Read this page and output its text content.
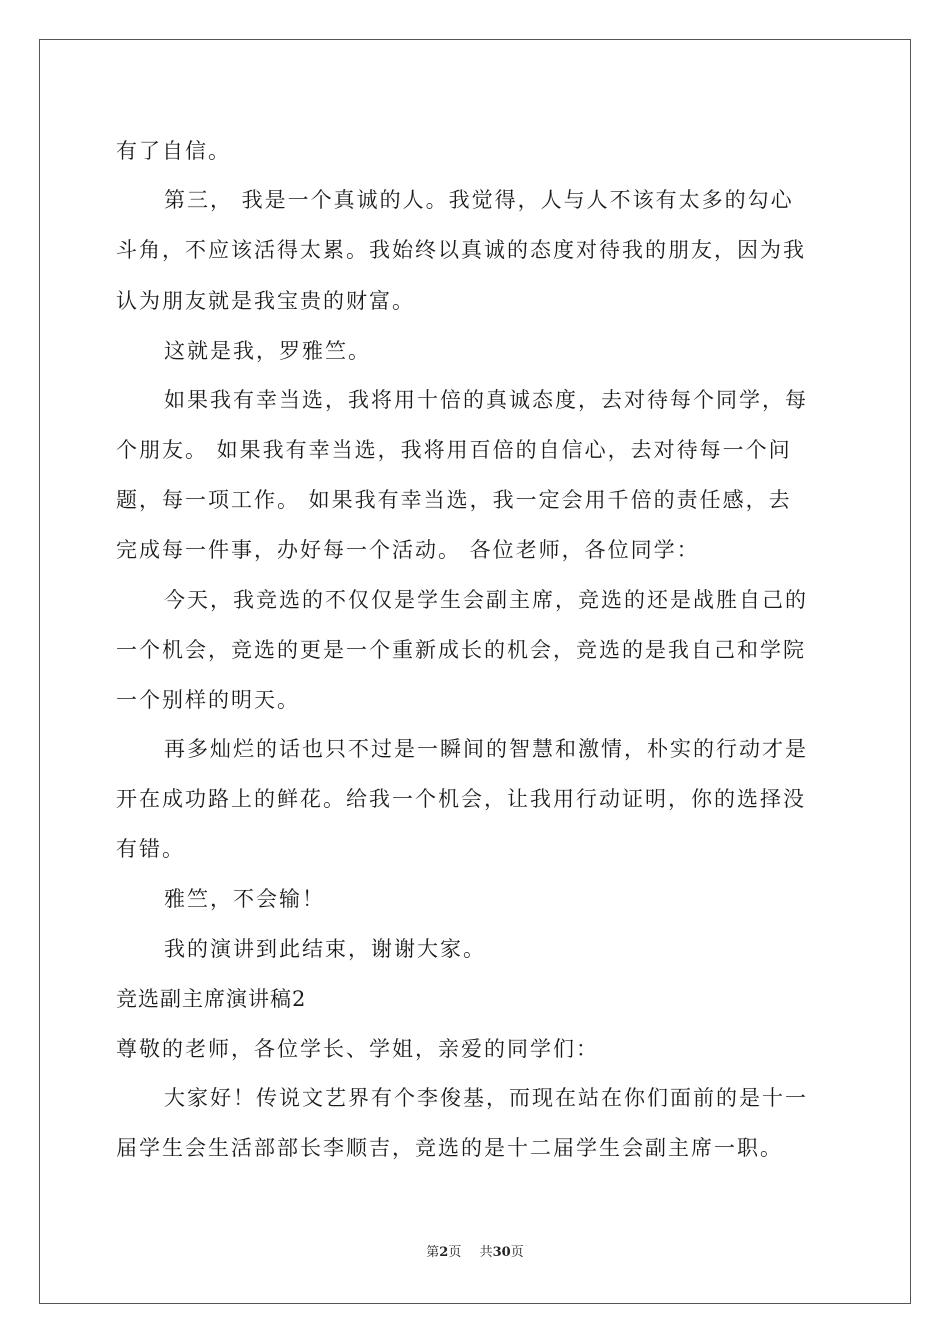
有了自信。
第三， 我是一个真诚的人。我觉得，人与人不该有太多的勾心
斗角，不应该活得太累。我始终以真诚的态度对待我的朋友，因为我
认为朋友就是我宝贵的财富。
这就是我，罗雅竺。
如果我有幸当选，我将用十倍的真诚态度，去对待每个同学，每
个朋友。 如果我有幸当选，我将用百倍的自信心，去对待每一个问
题，每一项工作。 如果我有幸当选，我一定会用千倍的责任感，去
完成每一件事，办好每一个活动。 各位老师，各位同学：
今天，我竞选的不仅仅是学生会副主席，竞选的还是战胜自己的
一个机会，竞选的更是一个重新成长的机会，竞选的是我自己和学院
一个别样的明天。
再多灿烂的话也只不过是一瞬间的智慧和激情，朴实的行动才是
开在成功路上的鲜花。给我一个机会，让我用行动证明，你的选择没
有错。
雅竺，不会输！
我的演讲到此结束，谢谢大家。
竞选副主席演讲稿2
尊敬的老师，各位学长、学姐，亲爱的同学们：
大家好！传说文艺界有个李俊基，而现在站在你们面前的是十一
届学生会生活部部长李顺吉，竞选的是十二届学生会副主席一职。
第2页 共30页
